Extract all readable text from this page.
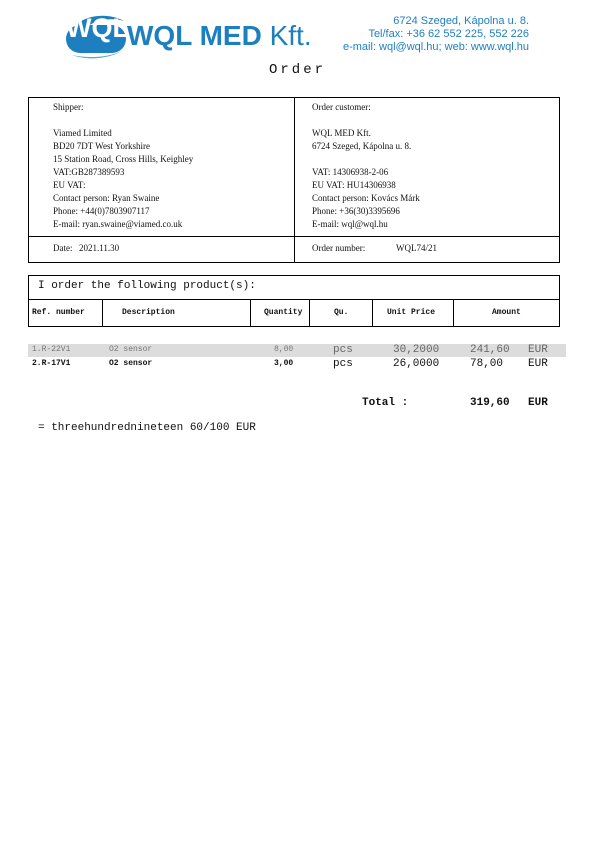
WQL
WQL MED Kft.	6724 Szeged, Kápolna u. 8.
Tel/fax: +36 62 552 225, 552 226
e-mail: wql@wql.hu; web: www.wql.hu
Order
Shipper:
Viamed Limited
BD20 7DT West Yorkshire
15 Station Road, Cross Hills, Keighley
VAT:GB287389593
EU VAT:
Contact person: Ryan Swaine
Phone: +44(0)7803907117
E-mail: ryan.swaine@viamed.co.uk
Date: 2021.11.30
Order customer:
WQL MED Kft.
6724 Szeged, Kápolna u. 8.
VAT: 14306938-2-06
EU VAT: HU14306938
Contact person: Kovács Márk
Phone: +36(30)3395696
E-mail: wql@wql.hu
Order number:	WQL74/21
I order the following product(s):
Ref. number	Description	Quantity	Qu.	Unit Price	Amount
1.R-22V1	O2 sensor	8,00	pcs	30,2000	241,60 EUR
2.R-17V1	O2 sensor	3,00	pcs	26,0000	78,00 EUR
Total :	319,60 EUR
= threehundrednineteen 60/100 EUR
